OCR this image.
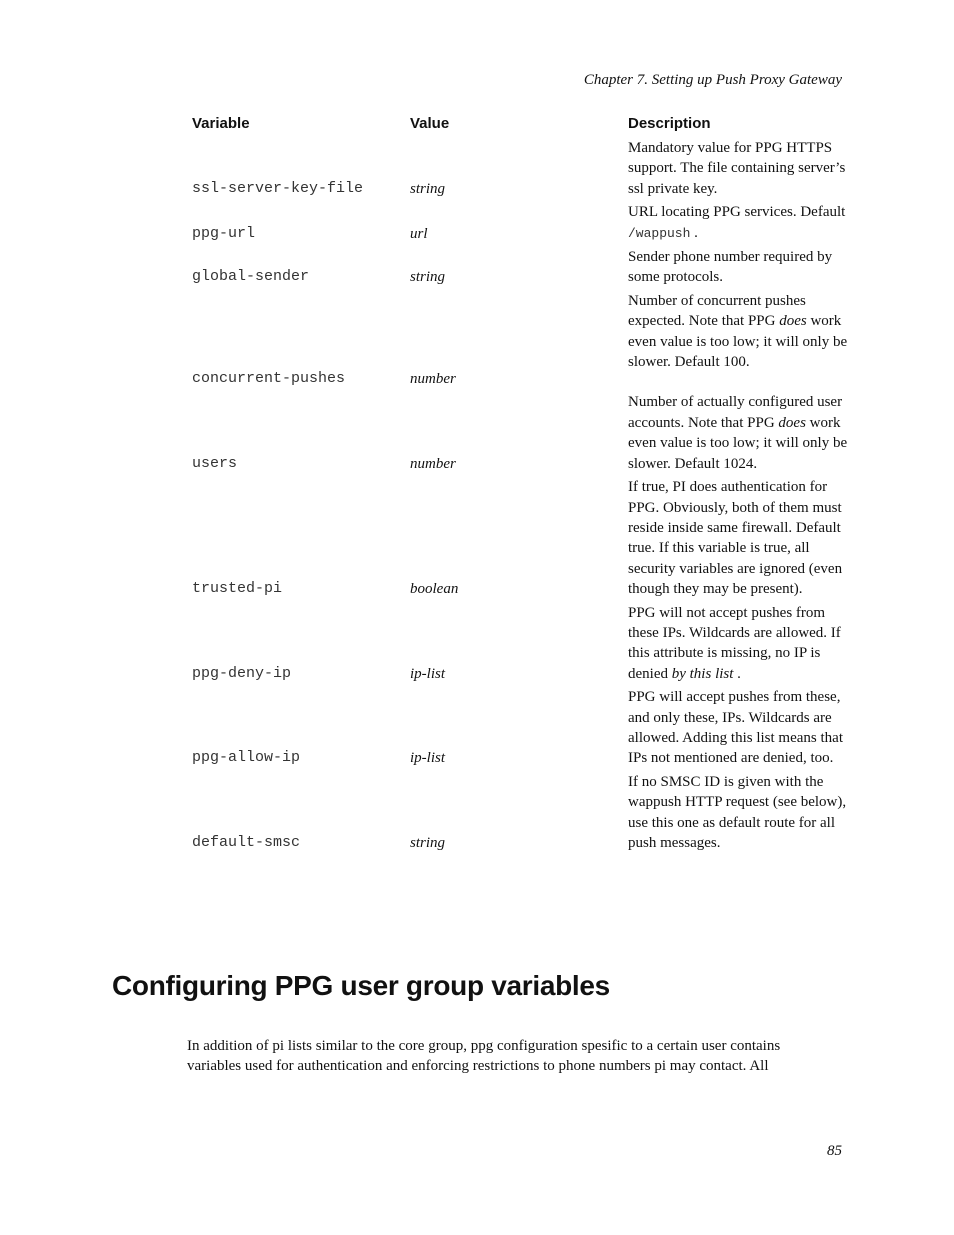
Chapter 7. Setting up Push Proxy Gateway
Variable	Value	Description
ssl-server-key-file	string	Mandatory value for PPG HTTPS support. The file containing server’s ssl private key.
ppg-url	url	URL locating PPG services. Default /wappush .
global-sender	string	Sender phone number required by some protocols.
concurrent-pushes	number	Number of concurrent pushes expected. Note that PPG does work even value is too low; it will only be slower. Default 100.
users	number	Number of actually configured user accounts. Note that PPG does work even value is too low; it will only be slower. Default 1024.
trusted-pi	boolean	If true, PI does authentication for PPG. Obviously, both of them must reside inside same firewall. Default true. If this variable is true, all security variables are ignored (even though they may be present).
ppg-deny-ip	ip-list	PPG will not accept pushes from these IPs. Wildcards are allowed. If this attribute is missing, no IP is denied by this list .
ppg-allow-ip	ip-list	PPG will accept pushes from these, and only these, IPs. Wildcards are allowed. Adding this list means that IPs not mentioned are denied, too.
default-smsc	string	If no SMSC ID is given with the wappush HTTP request (see below), use this one as default route for all push messages.
Configuring PPG user group variables

In addition of pi lists similar to the core group, ppg configuration spesific to a certain user contains variables used for authentication and enforcing restrictions to phone numbers pi may contact. All

85
